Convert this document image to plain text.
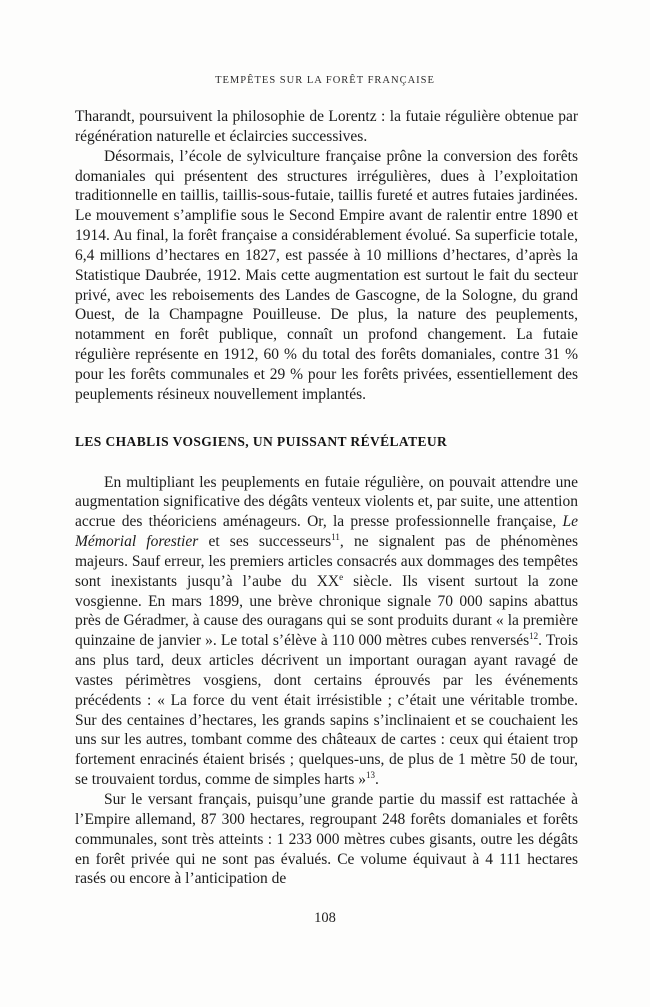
TEMPÊTES SUR LA FORÊT FRANÇAISE

Tharandt, poursuivent la philosophie de Lorentz : la futaie régulière obtenue par régénération naturelle et éclaircies successives.

Désormais, l’école de sylviculture française prône la conversion des forêts domaniales qui présentent des structures irrégulières, dues à l’exploitation traditionnelle en taillis, taillis-sous-futaie, taillis fureté et autres futaies jardinées. Le mouvement s’amplifie sous le Second Empire avant de ralentir entre 1890 et 1914. Au final, la forêt française a considérablement évolué. Sa superficie totale, 6,4 millions d’hectares en 1827, est passée à 10 millions d’hectares, d’après la Statistique Daubrée, 1912. Mais cette augmentation est surtout le fait du secteur privé, avec les reboisements des Landes de Gascogne, de la Sologne, du grand Ouest, de la Champagne Pouilleuse. De plus, la nature des peuplements, notamment en forêt publique, connaît un profond changement. La futaie régulière représente en 1912, 60 % du total des forêts domaniales, contre 31 % pour les forêts communales et 29 % pour les forêts privées, essentiellement des peuplements résineux nouvellement implantés.

LES CHABLIS VOSGIENS, UN PUISSANT RÉVÉLATEUR

En multipliant les peuplements en futaie régulière, on pouvait attendre une augmentation significative des dégâts venteux violents et, par suite, une attention accrue des théoriciens aménageurs. Or, la presse professionnelle française, Le Mémorial forestier et ses successeurs$^{11}$, ne signalent pas de phénomènes majeurs. Sauf erreur, les premiers articles consacrés aux dommages des tempêtes sont inexistants jusqu’à l’aube du XXe siècle. Ils visent surtout la zone vosgienne. En mars 1899, une brève chronique signale 70 000 sapins abattus près de Géradmer, à cause des ouragans qui se sont produits durant « la première quinzaine de janvier ». Le total s’élève à 110 000 mètres cubes renversés$^{12}$. Trois ans plus tard, deux articles décrivent un important ouragan ayant ravagé de vastes périmètres vosgiens, dont certains éprouvés par les événements précédents : « La force du vent était irrésistible ; c’était une véritable trombe. Sur des centaines d’hectares, les grands sapins s’inclinaient et se couchaient les uns sur les autres, tombant comme des châteaux de cartes : ceux qui étaient trop fortement enracinés étaient brisés ; quelques-uns, de plus de 1 mètre 50 de tour, se trouvaient tordus, comme de simples harts »$^{13}$.

Sur le versant français, puisqu’une grande partie du massif est rattachée à l’Empire allemand, 87 300 hectares, regroupant 248 forêts domaniales et forêts communales, sont très atteints : 1 233 000 mètres cubes gisants, outre les dégâts en forêt privée qui ne sont pas évalués. Ce volume équivaut à 4 111 hectares rasés ou encore à l’anticipation de

108
